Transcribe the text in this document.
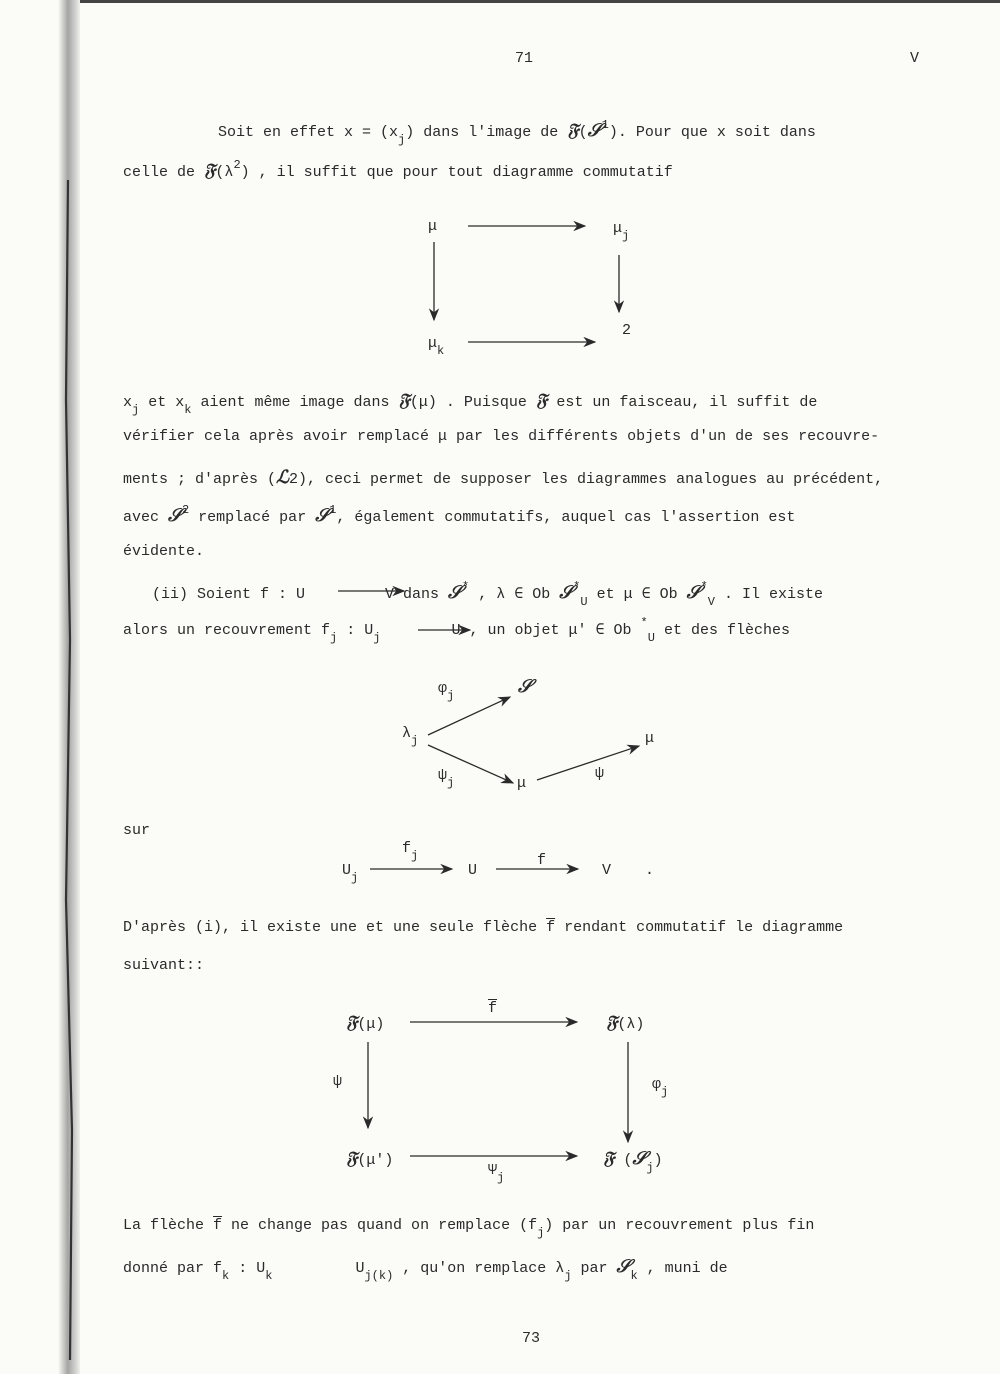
71	V
Soit en effet $x = (x_j)$ dans l'image de 𝔉(𝒮$^1$). Pour que x soit dans
celle de $𝔉(\lambda^2)$ , il suffit que pour tout diagramme commutatif
μ	$\mu_j$
$\mu_k$
2
$x_j$ et $x_k$ aient même image dans 𝔉(μ) . Puisque 𝔉 est un faisceau, il suffit de
vérifier cela après avoir remplacé μ par les différents objets d'un de ses recouvre-
ments ; d'après (ℒ2), ceci permet de supposer les diagrammes analogues au précédent,
avec 𝒮$^2$ remplacé par 𝒮$^1$, également commutatifs, auquel cas l'assertion est
évidente.
(ii) Soient f : U	V dans 𝒮* , λ ∈ Ob 𝒮*$_U$ et μ ∈ Ob 𝒮*$_V$ . Il existe
alors un recouvrement $f_j$ : $U_j$	U , un objet μ' ∈ Ob *$_U$ et des flèches
$\varphi_j$	𝒮
$\lambda_j$
$\psi_j$	μ
μ
ψ
sur
$U_j$
$f_j$
U
f
V .
D'après (i), il existe une et une seule flèche $\overline{f}$ rendant commutatif le diagramme
suivant::
𝔉(μ)
$\overline{f}$
𝔉(λ)
ψ	$\varphi_j$
𝔉(μ')
$\Psi_j$
𝔉 (𝒮$_j$)
La flèche $\overline{f}$ ne change pas quand on remplace $(f_j)$ par un recouvrement plus fin
donné par $f_k$ : $U_k$	$U_{j(k)}$ , qu'on remplace $\lambda_j$ par 𝒮$_k$ , muni de
73
